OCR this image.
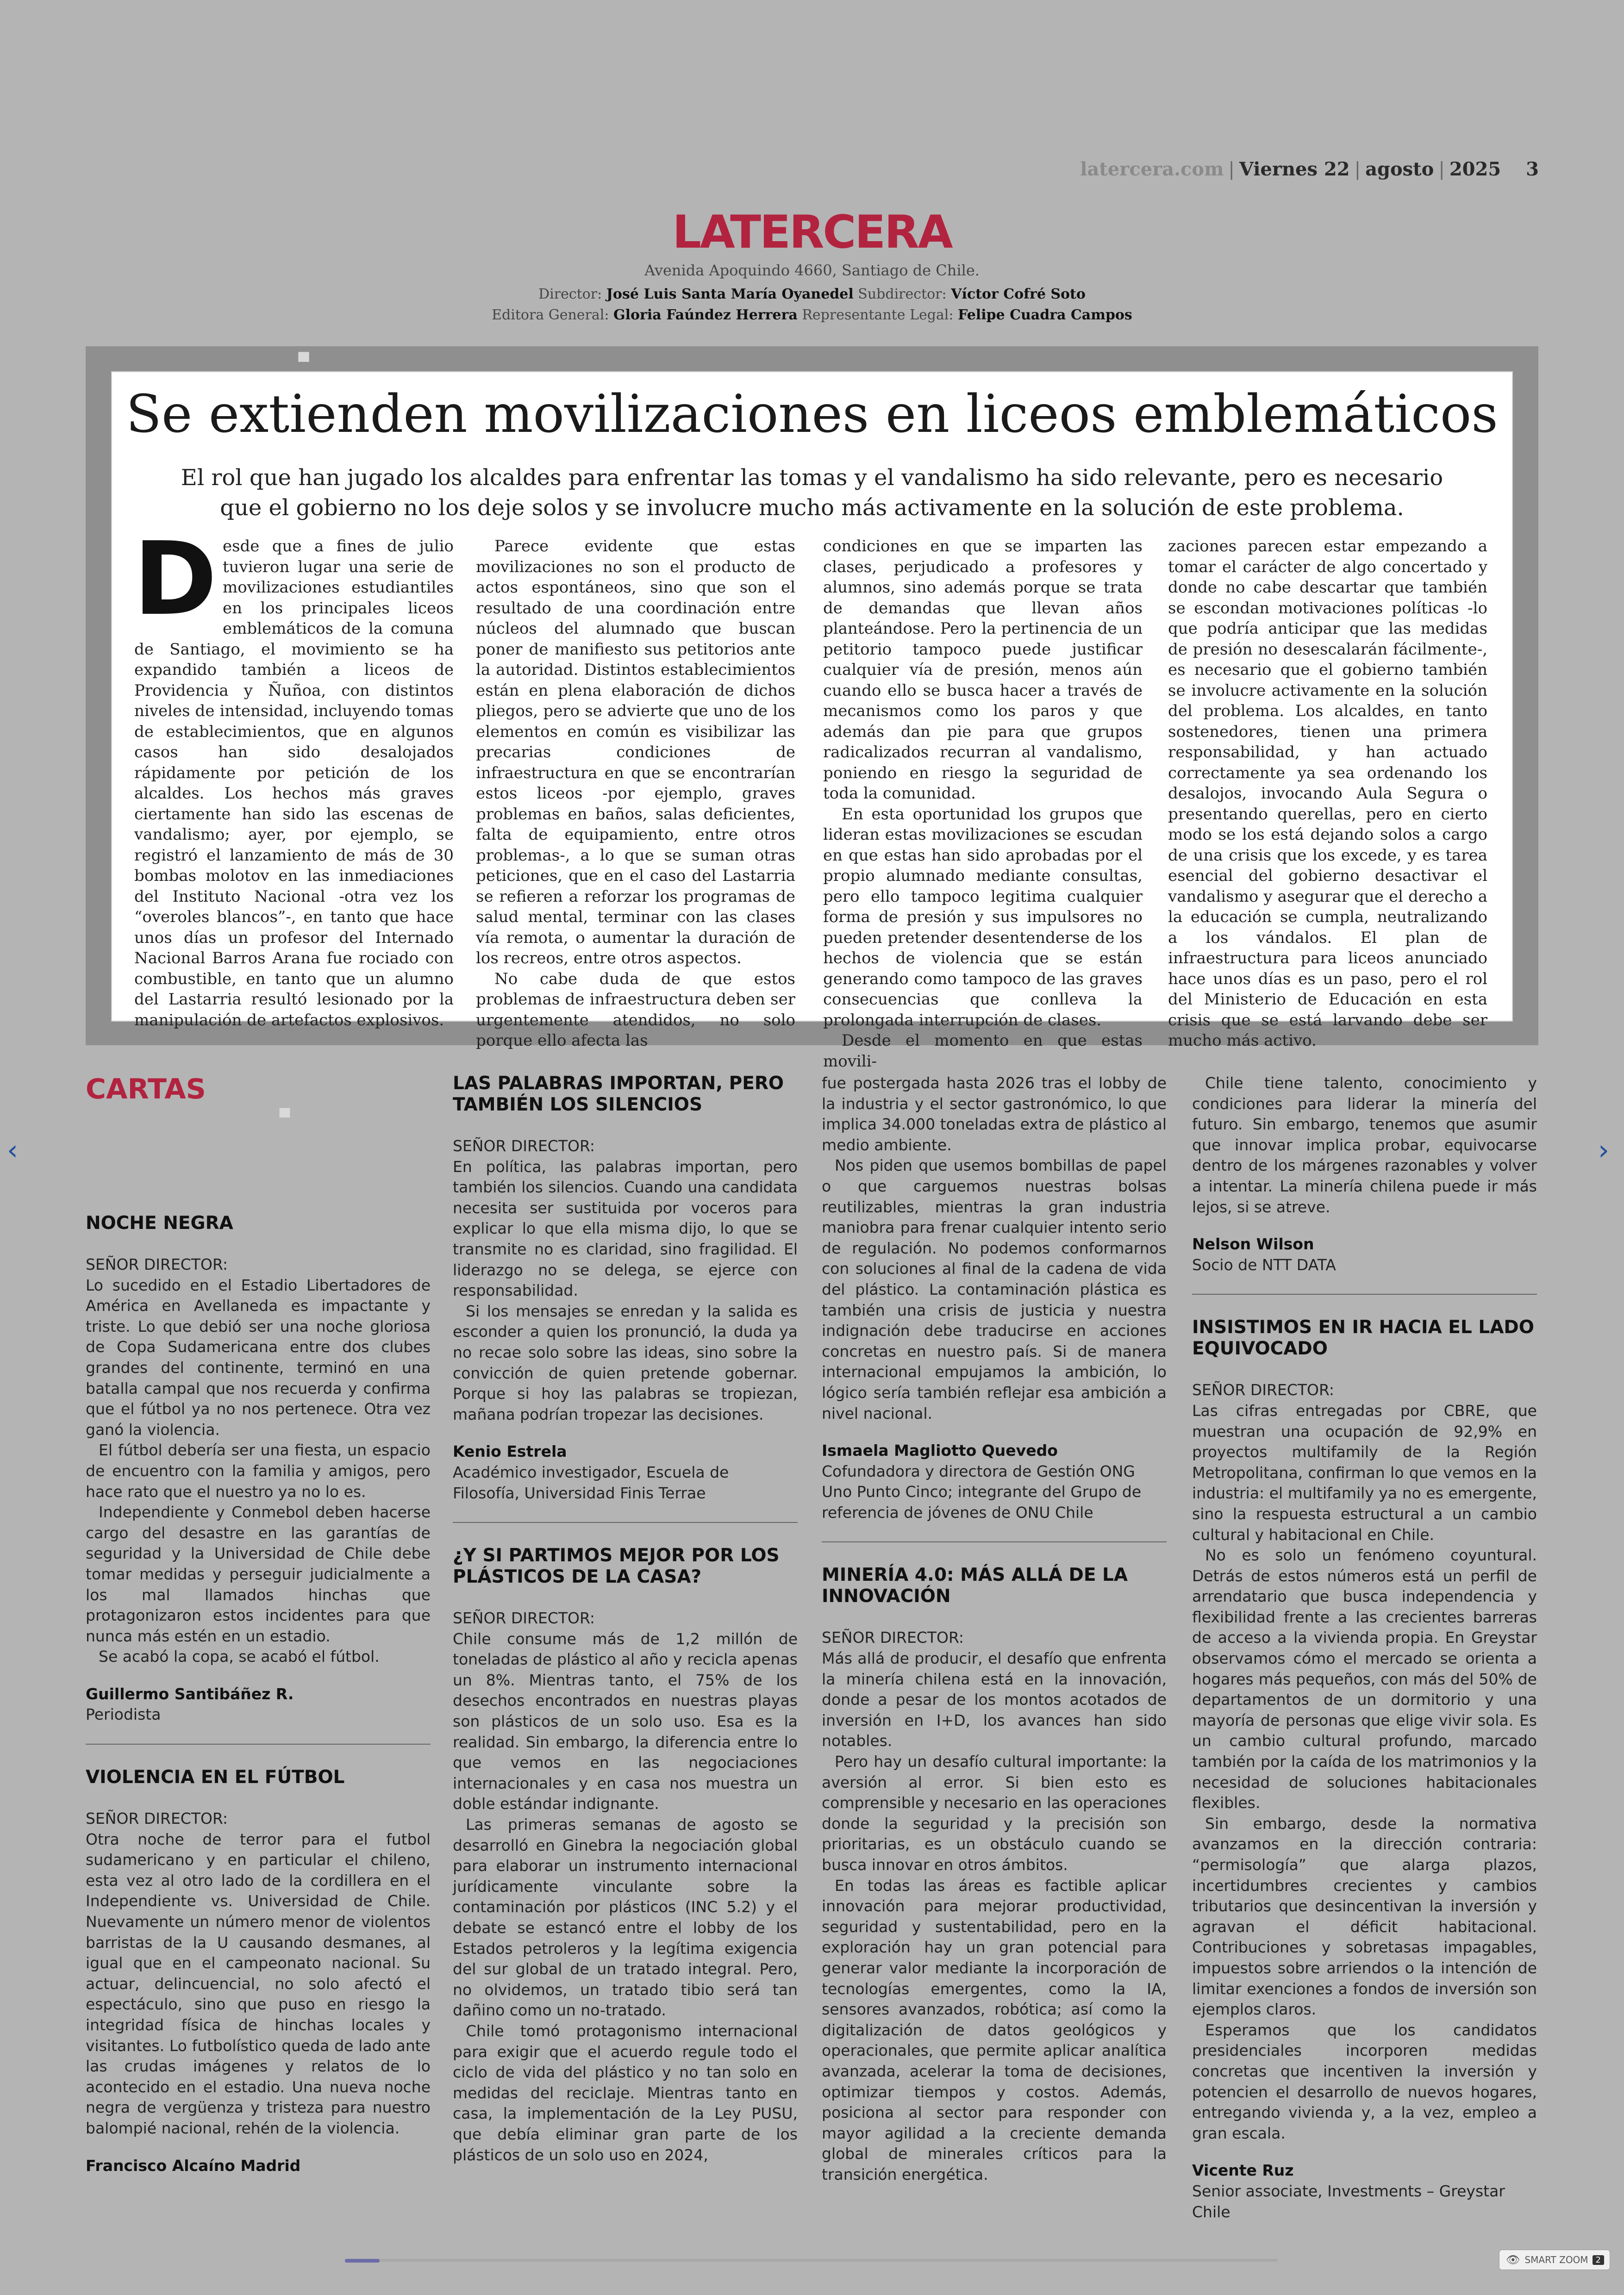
latercera.com | Viernes 22 | agosto | 2025 3
LATERCERA
Avenida Apoquindo 4660, Santiago de Chile.
Director: José Luis Santa María Oyanedel Subdirector: Víctor Cofré Soto
Editora General: Gloria Faúndez Herrera Representante Legal: Felipe Cuadra Campos
Se extienden movilizaciones en liceos emblemáticos
El rol que han jugado los alcaldes para enfrentar las tomas y el vandalismo ha sido relevante, pero es necesario que el gobierno no los deje solos y se involucre mucho más activamente en la solución de este problema.
D esde que a fines de julio tuvieron lugar una serie de movilizaciones estudiantiles en los principales liceos emblemáticos de la comuna de Santiago, el movimiento se ha expandido también a liceos de Providencia y Ñuñoa, con distintos niveles de intensidad, incluyendo tomas de establecimientos, que en algunos casos han sido desalojados rápidamente por petición de los alcaldes. Los hechos más graves ciertamente han sido las escenas de vandalismo; ayer, por ejemplo, se registró el lanzamiento de más de 30 bombas molotov en las inmediaciones del Instituto Nacional -otra vez los “overoles blancos”-, en tanto que hace unos días un profesor del Internado Nacional Barros Arana fue rociado con combustible, en tanto que un alumno del Lastarria resultó lesionado por la manipulación de artefactos explosivos.

Parece evidente que estas movilizaciones no son el producto de actos espontáneos, sino que son el resultado de una coordinación entre núcleos del alumnado que buscan poner de manifiesto sus petitorios ante la autoridad. Distintos establecimientos están en plena elaboración de dichos pliegos, pero se advierte que uno de los elementos en común es visibilizar las precarias condiciones de infraestructura en que se encontrarían estos liceos -por ejemplo, graves problemas en baños, salas deficientes, falta de equipamiento, entre otros problemas-, a lo que se suman otras peticiones, que en el caso del Lastarria se refieren a reforzar los programas de salud mental, terminar con las clases vía remota, o aumentar la duración de los recreos, entre otros aspectos.

No cabe duda de que estos problemas de infraestructura deben ser urgentemente atendidos, no solo porque ello afecta las

condiciones en que se imparten las clases, perjudicado a profesores y alumnos, sino además porque se trata de demandas que llevan años planteándose. Pero la pertinencia de un petitorio tampoco puede justificar cualquier vía de presión, menos aún cuando ello se busca hacer a través de mecanismos como los paros y que además dan pie para que grupos radicalizados recurran al vandalismo, poniendo en riesgo la seguridad de toda la comunidad.

En esta oportunidad los grupos que lideran estas movilizaciones se escudan en que estas han sido aprobadas por el propio alumnado mediante consultas, pero ello tampoco legitima cualquier forma de presión y sus impulsores no pueden pretender desentenderse de los hechos de violencia que se están generando como tampoco de las graves consecuencias que conlleva la prolongada interrupción de clases.

Desde el momento en que estas movili-

zaciones parecen estar empezando a tomar el carácter de algo concertado y donde no cabe descartar que también se escondan motivaciones políticas -lo que podría anticipar que las medidas de presión no desescalarán fácilmente-, es necesario que el gobierno también se involucre activamente en la solución del problema. Los alcaldes, en tanto sostenedores, tienen una primera responsabilidad, y han actuado correctamente ya sea ordenando los desalojos, invocando Aula Segura o presentando querellas, pero en cierto modo se los está dejando solos a cargo de una crisis que los excede, y es tarea esencial del gobierno desactivar el vandalismo y asegurar que el derecho a la educación se cumpla, neutralizando a los vándalos. El plan de infraestructura para liceos anunciado hace unos días es un paso, pero el rol del Ministerio de Educación en esta crisis que se está larvando debe ser mucho más activo.

CARTAS
NOCHE NEGRA
SEÑOR DIRECTOR:

Lo sucedido en el Estadio Libertadores de América en Avellaneda es impactante y triste. Lo que debió ser una noche gloriosa de Copa Sudamericana entre dos clubes grandes del continente, terminó en una batalla campal que nos recuerda y confirma que el fútbol ya no nos pertenece. Otra vez ganó la violencia.

El fútbol debería ser una fiesta, un espacio de encuentro con la familia y amigos, pero hace rato que el nuestro ya no lo es.

Independiente y Conmebol deben hacerse cargo del desastre en las garantías de seguridad y la Universidad de Chile debe tomar medidas y perseguir judicialmente a los mal llamados hinchas que protagonizaron estos incidentes para que nunca más estén en un estadio.

Se acabó la copa, se acabó el fútbol.

Guillermo Santibáñez R.
Periodista
VIOLENCIA EN EL FÚTBOL
SEÑOR DIRECTOR:

Otra noche de terror para el futbol sudamericano y en particular el chileno, esta vez al otro lado de la cordillera en el Independiente vs. Universidad de Chile. Nuevamente un número menor de violentos barristas de la U causando desmanes, al igual que en el campeonato nacional. Su actuar, delincuencial, no solo afectó el espectáculo, sino que puso en riesgo la integridad física de hinchas locales y visitantes. Lo futbolístico queda de lado ante las crudas imágenes y relatos de lo acontecido en el estadio. Una nueva noche negra de vergüenza y tristeza para nuestro balompié nacional, rehén de la violencia.

Francisco Alcaíno Madrid
LAS PALABRAS IMPORTAN, PERO TAMBIÉN LOS SILENCIOS
SEÑOR DIRECTOR:

En política, las palabras importan, pero también los silencios. Cuando una candidata necesita ser sustituida por voceros para explicar lo que ella misma dijo, lo que se transmite no es claridad, sino fragilidad. El liderazgo no se delega, se ejerce con responsabilidad.

Si los mensajes se enredan y la salida es esconder a quien los pronunció, la duda ya no recae solo sobre las ideas, sino sobre la convicción de quien pretende gobernar. Porque si hoy las palabras se tropiezan, mañana podrían tropezar las decisiones.

Kenio Estrela
Académico investigador, Escuela de Filosofía, Universidad Finis Terrae
¿Y SI PARTIMOS MEJOR POR LOS PLÁSTICOS DE LA CASA?
SEÑOR DIRECTOR:

Chile consume más de 1,2 millón de toneladas de plástico al año y recicla apenas un 8%. Mientras tanto, el 75% de los desechos encontrados en nuestras playas son plásticos de un solo uso. Esa es la realidad. Sin embargo, la diferencia entre lo que vemos en las negociaciones internacionales y en casa nos muestra un doble estándar indignante.

Las primeras semanas de agosto se desarrolló en Ginebra la negociación global para elaborar un instrumento internacional jurídicamente vinculante sobre la contaminación por plásticos (INC 5.2) y el debate se estancó entre el lobby de los Estados petroleros y la legítima exigencia del sur global de un tratado integral. Pero, no olvidemos, un tratado tibio será tan dañino como un no-tratado.

Chile tomó protagonismo internacional para exigir que el acuerdo regule todo el ciclo de vida del plástico y no tan solo en medidas del reciclaje. Mientras tanto en casa, la implementación de la Ley PUSU, que debía eliminar gran parte de los plásticos de un solo uso en 2024,

fue postergada hasta 2026 tras el lobby de la industria y el sector gastronómico, lo que implica 34.000 toneladas extra de plástico al medio ambiente.

Nos piden que usemos bombillas de papel o que carguemos nuestras bolsas reutilizables, mientras la gran industria maniobra para frenar cualquier intento serio de regulación. No podemos conformarnos con soluciones al final de la cadena de vida del plástico. La contaminación plástica es también una crisis de justicia y nuestra indignación debe traducirse en acciones concretas en nuestro país. Si de manera internacional empujamos la ambición, lo lógico sería también reflejar esa ambición a nivel nacional.

Ismaela Magliotto Quevedo
Cofundadora y directora de Gestión ONG Uno Punto Cinco; integrante del Grupo de referencia de jóvenes de ONU Chile
MINERÍA 4.0: MÁS ALLÁ DE LA INNOVACIÓN
SEÑOR DIRECTOR:

Más allá de producir, el desafío que enfrenta la minería chilena está en la innovación, donde a pesar de los montos acotados de inversión en I+D, los avances han sido notables.

Pero hay un desafío cultural importante: la aversión al error. Si bien esto es comprensible y necesario en las operaciones donde la seguridad y la precisión son prioritarias, es un obstáculo cuando se busca innovar en otros ámbitos.

En todas las áreas es factible aplicar innovación para mejorar productividad, seguridad y sustentabilidad, pero en la exploración hay un gran potencial para generar valor mediante la incorporación de tecnologías emergentes, como la IA, sensores avanzados, robótica; así como la digitalización de datos geológicos y operacionales, que permite aplicar analítica avanzada, acelerar la toma de decisiones, optimizar tiempos y costos. Además, posiciona al sector para responder con mayor agilidad a la creciente demanda global de minerales críticos para la transición energética.

Chile tiene talento, conocimiento y condiciones para liderar la minería del futuro. Sin embargo, tenemos que asumir que innovar implica probar, equivocarse dentro de los márgenes razonables y volver a intentar. La minería chilena puede ir más lejos, si se atreve.

Nelson Wilson
Socio de NTT DATA
INSISTIMOS EN IR HACIA EL LADO EQUIVOCADO
SEÑOR DIRECTOR:

Las cifras entregadas por CBRE, que muestran una ocupación de 92,9% en proyectos multifamily de la Región Metropolitana, confirman lo que vemos en la industria: el multifamily ya no es emergente, sino la respuesta estructural a un cambio cultural y habitacional en Chile.

No es solo un fenómeno coyuntural. Detrás de estos números está un perfil de arrendatario que busca independencia y flexibilidad frente a las crecientes barreras de acceso a la vivienda propia. En Greystar observamos cómo el mercado se orienta a hogares más pequeños, con más del 50% de departamentos de un dormitorio y una mayoría de personas que elige vivir sola. Es un cambio cultural profundo, marcado también por la caída de los matrimonios y la necesidad de soluciones habitacionales flexibles.

Sin embargo, desde la normativa avanzamos en la dirección contraria: “permisología” que alarga plazos, incertidumbres crecientes y cambios tributarios que desincentivan la inversión y agravan el déficit habitacional. Contribuciones y sobretasas impagables, impuestos sobre arriendos o la intención de limitar exenciones a fondos de inversión son ejemplos claros.

Esperamos que los candidatos presidenciales incorporen medidas concretas que incentiven la inversión y potencien el desarrollo de nuevos hogares, entregando vivienda y, a la vez, empleo a gran escala.

Vicente Ruz
Senior associate, Investments – Greystar Chile
‹	›
👁 SMART ZOOM 2
